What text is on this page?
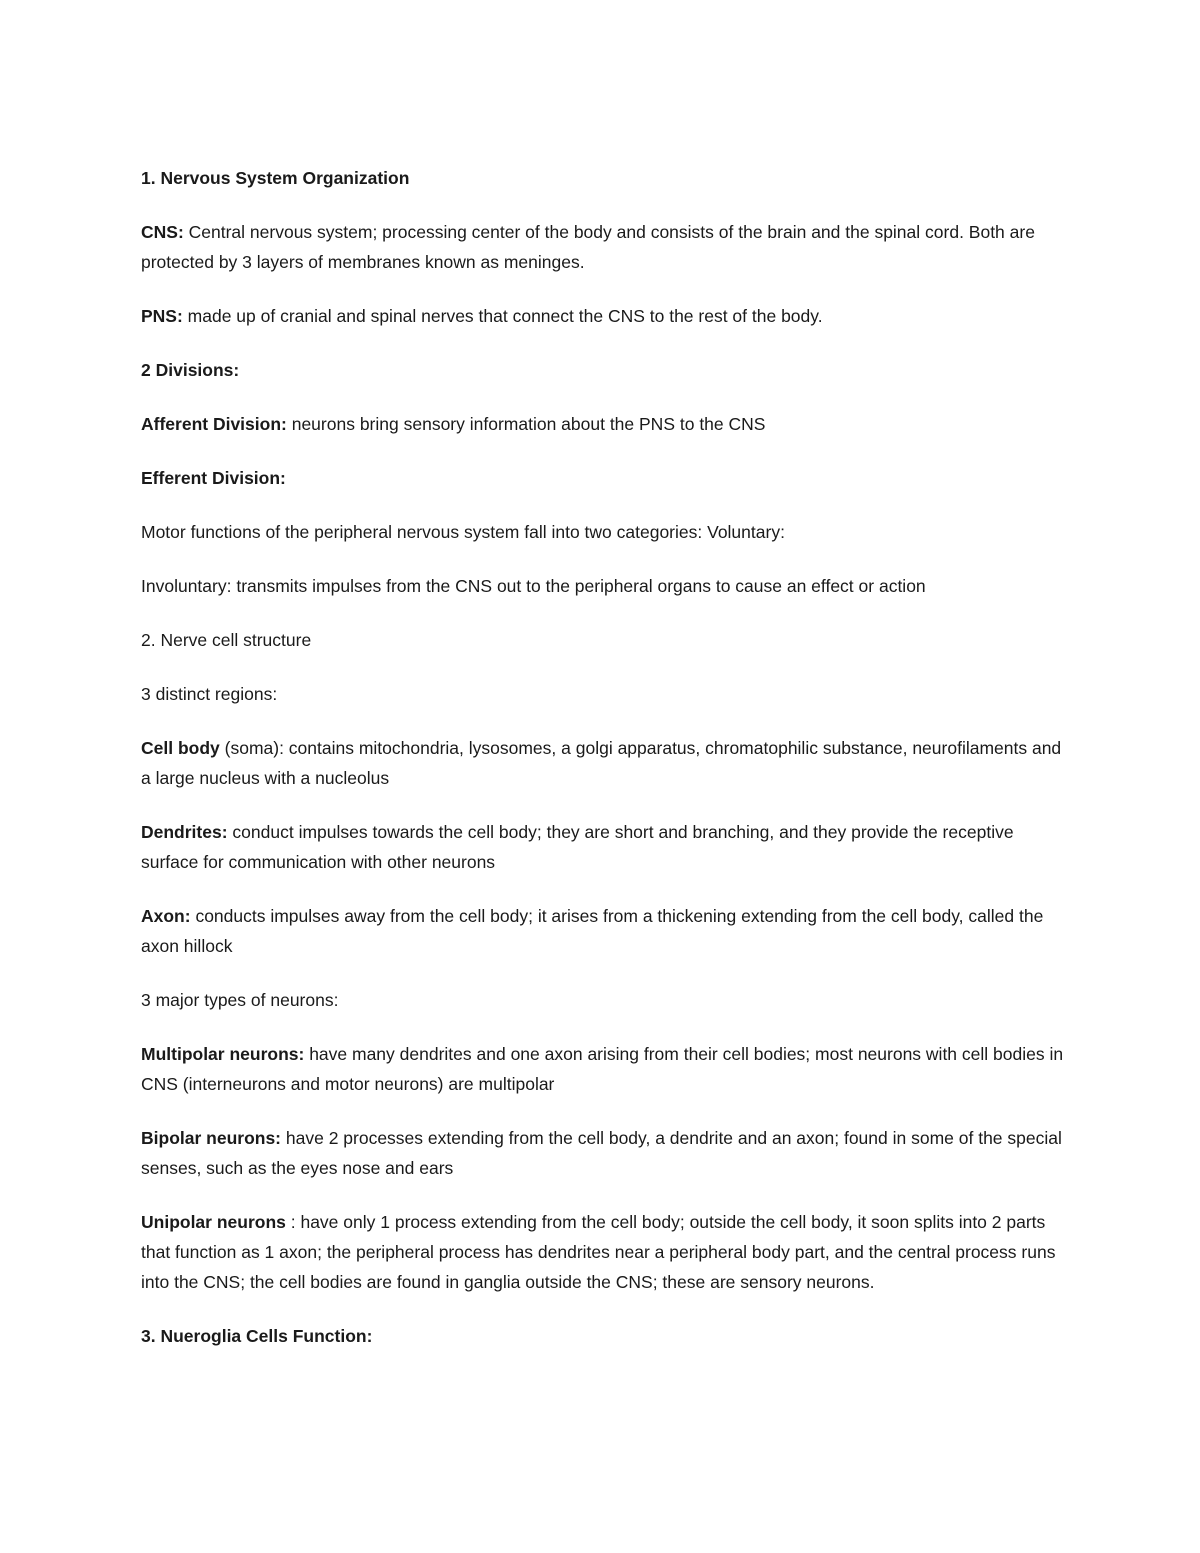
1. Nervous System Organization

CNS: Central nervous system; processing center of the body and consists of the brain and the spinal cord. Both are protected by 3 layers of membranes known as meninges.

PNS: made up of cranial and spinal nerves that connect the CNS to the rest of the body.

2 Divisions:

Afferent Division: neurons bring sensory information about the PNS to the CNS

Efferent Division:

Motor functions of the peripheral nervous system fall into two categories: Voluntary:

Involuntary: transmits impulses from the CNS out to the peripheral organs to cause an effect or action

2. Nerve cell structure

3 distinct regions:

Cell body (soma): contains mitochondria, lysosomes, a golgi apparatus, chromatophilic substance, neurofilaments and a large nucleus with a nucleolus

Dendrites: conduct impulses towards the cell body; they are short and branching, and they provide the receptive surface for communication with other neurons

Axon: conducts impulses away from the cell body; it arises from a thickening extending from the cell body, called the axon hillock

3 major types of neurons:

Multipolar neurons: have many dendrites and one axon arising from their cell bodies; most neurons with cell bodies in CNS (interneurons and motor neurons) are multipolar

Bipolar neurons: have 2 processes extending from the cell body, a dendrite and an axon; found in some of the special senses, such as the eyes nose and ears

Unipolar neurons : have only 1 process extending from the cell body; outside the cell body, it soon splits into 2 parts that function as 1 axon; the peripheral process has dendrites near a peripheral body part, and the central process runs into the CNS; the cell bodies are found in ganglia outside the CNS; these are sensory neurons.

3. Nueroglia Cells Function:
